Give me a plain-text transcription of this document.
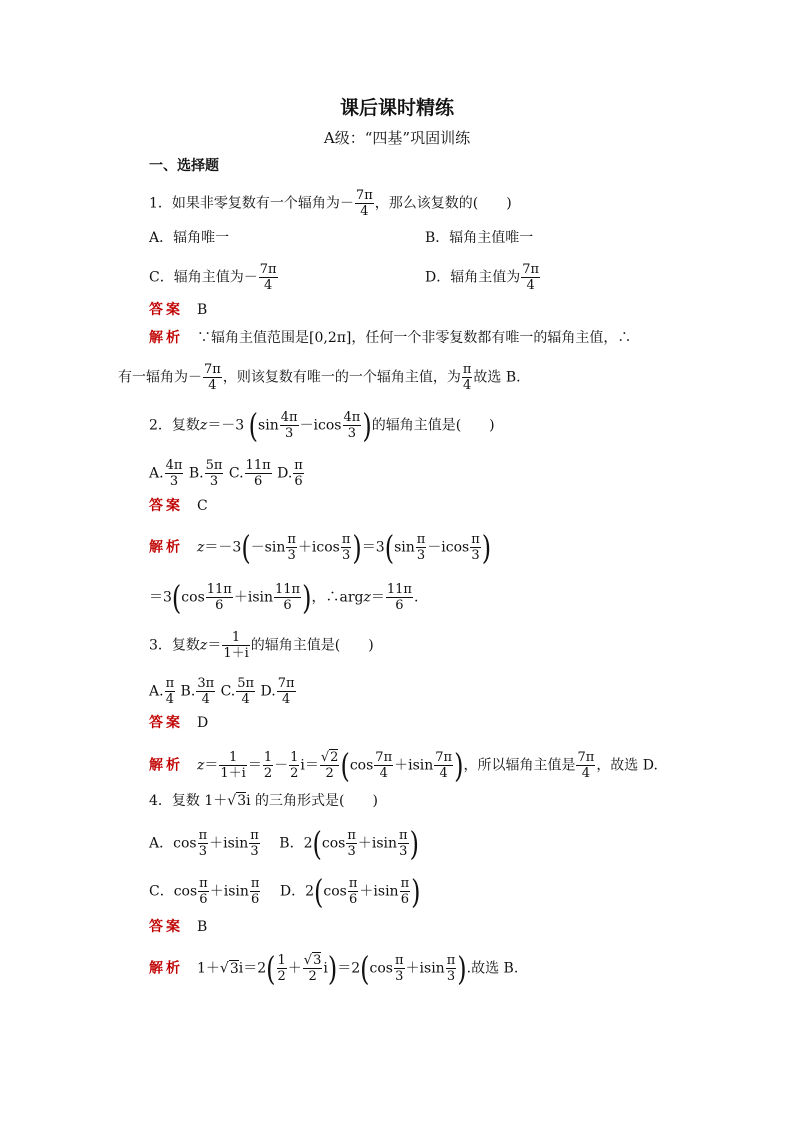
课后课时精练
A级：“四基”巩固训练
一、选择题
1．如果非零复数有一个辐角为－ $\frac{7\pi}{4}$ ，那么该复数的(　　)
A．辐角唯一	B．辐角主值唯一
C．辐角主值为－ $\frac{7\pi}{4}$	D．辐角主值为 $\frac{7\pi}{4}$
答案 B
解析 ∵辐角主值范围是[0,2π]，任何一个非零复数都有唯一的辐角主值，∴
有一辐角为－ $\frac{7\pi}{4}$ ，则该复数有唯一的一个辐角主值，为 $\frac{\pi}{4}$ 故选 B.
2．复数z＝－3 ($\sin \frac{4\pi}{3} -icos \frac{4\pi}{3}$ )的辐角主值是(　　)
A. $\frac{4\pi}{3} B$. $\frac{5\pi}{3} C$. $\frac{11\pi}{6} D$. $\frac{\pi}{6}$
答案 C
解析 $z=-3(-\sin \frac{\pi}{3} +icos \frac{\pi}{3} )=3(\sin \frac{\pi}{3} -icos \frac{\pi}{3}$ )
$=3(\cos \frac{11\pi}{6} +isin \frac{11\pi}{6}$ )，∴argz＝ $\frac{11\pi}{6}$ .
3．复数$z= \frac{1}{1+i}$ 的辐角主值是(　　)
A. $\frac{\pi}{4} B$. $\frac{3\pi}{4} C$. $\frac{5\pi}{4} D$. $\frac{7\pi}{4}$
答案 D
解析 $z= \frac{1}{1+i} = \frac{1}{2} - \frac{1}{2} i= \frac{√2}{2} (\cos \frac{7\pi}{4} +isin \frac{7\pi}{4}$ )，所以辐角主值是 $\frac{7\pi}{4}$ ，故选 D.
4．复数 1＋√3i 的三角形式是(　　)
A．$\cos \frac{\pi}{3} +isin \frac{\pi}{3}$ B．$2(\cos \frac{\pi}{3} +isin \frac{\pi}{3}$ )
C．$\cos \frac{\pi}{6} +isin \frac{\pi}{6}$ D．$2(\cos \frac{\pi}{6} +isin \frac{\pi}{6}$ )
答案 B
解析 $1+√3i=2( \frac{1}{2} + \frac{√3}{2} i)=2(\cos \frac{\pi}{3} +isin \frac{\pi}{3}$ ).故选 B.
